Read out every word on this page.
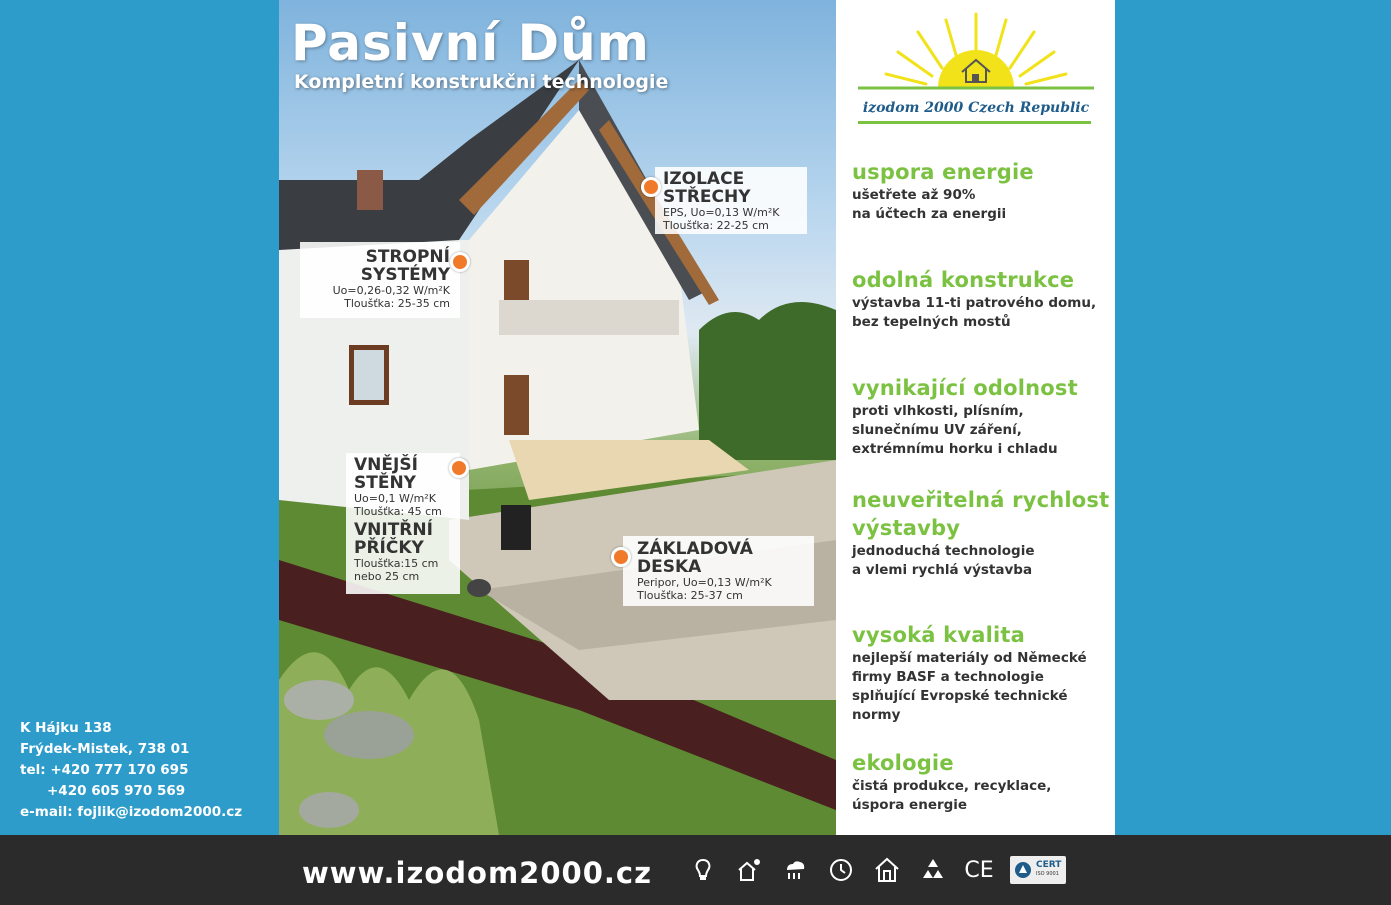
K Hájku 138
Frýdek-Mistek, 738 01
tel: +420 777 170 695
+420 605 970 569
e-mail: fojlik@izodom2000.cz
Pasivní Dům
Kompletní konstrukčni technologie
IZOLACE
STŘECHY
EPS, Uo=0,13 W/m²K
Tloušťka: 22-25 cm
STROPNÍ
SYSTÉMY
Uo=0,26-0,32 W/m²K
Tloušťka: 25-35 cm
VNĚJŠÍ
STĚNY
Uo=0,1 W/m²K
Tloušťka: 45 cm
VNITŘNÍ
PŘÍČKY
Tloušťka:15 cm
nebo 25 cm
ZÁKLADOVÁ
DESKA
Peripor, Uo=0,13 W/m²K
Tloušťka: 25-37 cm
izodom 2000 Czech Republic
uspora energie

ušetřete až 90%

na účtech za energii

odolná konstrukce

výstavba 11-ti patrového domu,

bez tepelných mostů

vynikající odolnost

proti vlhkosti, plísním,

slunečnímu UV záření,

extrémnímu horku i chladu

neuveřitelná rychlost
výstavby

jednoduchá technologie

a vlemi rychlá výstavba

vysoká kvalita

nejlepší materiály od Německé

firmy BASF a technologie

splňující Evropské technické normy

ekologie

čistá produkce, recyklace,

úspora energie

www.izodom2000.cz	CE	CERT
ISO 9001
